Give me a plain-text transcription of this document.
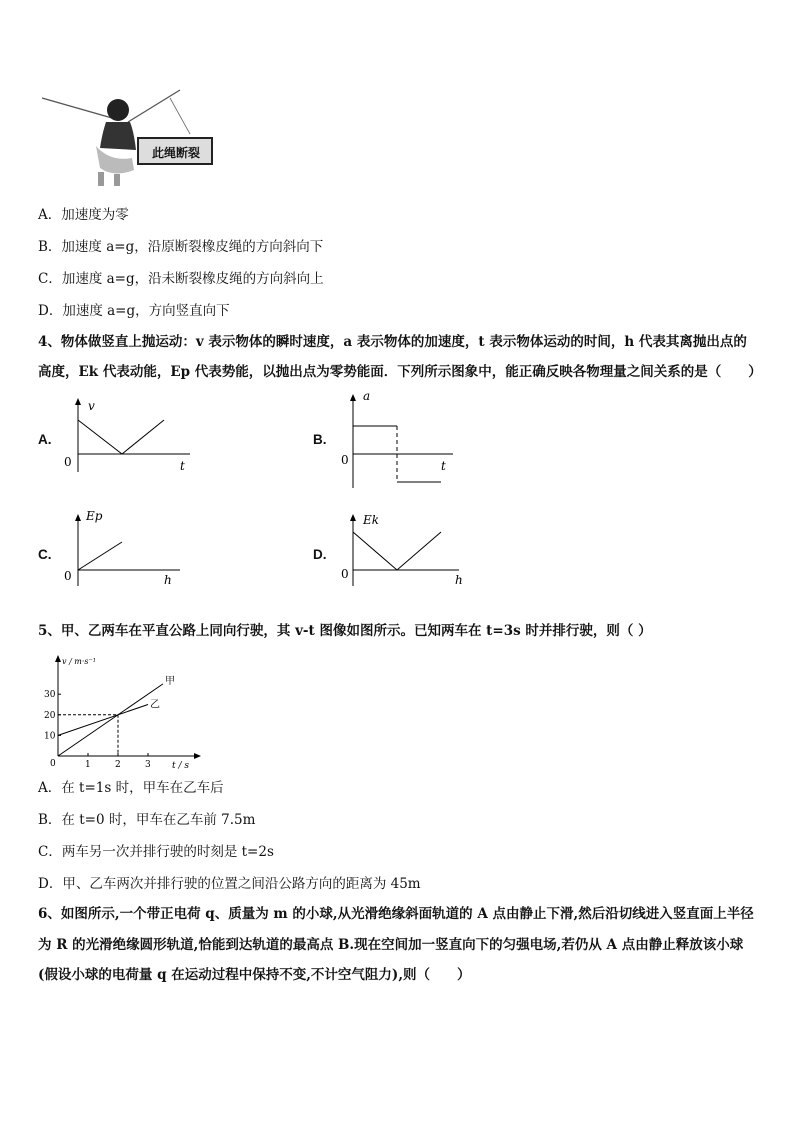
此绳断裂
A．加速度为零
B．加速度 a=g，沿原断裂橡皮绳的方向斜向下
C．加速度 a=g，沿未断裂橡皮绳的方向斜向上
D．加速度 a=g，方向竖直向下
4、物体做竖直上抛运动：v 表示物体的瞬时速度，a 表示物体的加速度，t 表示物体运动的时间，h 代表其离抛出点的
高度，Ek 代表动能，Ep 代表势能，以抛出点为零势能面．下列所示图象中，能正确反映各物理量之间关系的是（　　）
A.
v
t
0
B.
a
t
0
C.
Ep
h
0
D.
Ek
h
0
5、甲、乙两车在平直公路上同向行驶，其 v-t 图像如图所示。已知两车在 t=3s 时并排行驶，则（ ）
v / m·s⁻¹
t / s
0	1	2	3
10
20
30
甲
乙
A．在 t=1s 时，甲车在乙车后
B．在 t=0 时，甲车在乙车前 7.5m
C．两车另一次并排行驶的时刻是 t=2s
D．甲、乙车两次并排行驶的位置之间沿公路方向的距离为 45m
6、如图所示,一个带正电荷 q、质量为 m 的小球,从光滑绝缘斜面轨道的 A 点由静止下滑,然后沿切线进入竖直面上半径
为 R 的光滑绝缘圆形轨道,恰能到达轨道的最高点 B.现在空间加一竖直向下的匀强电场,若仍从 A 点由静止释放该小球
(假设小球的电荷量 q 在运动过程中保持不变,不计空气阻力),则（　　）
